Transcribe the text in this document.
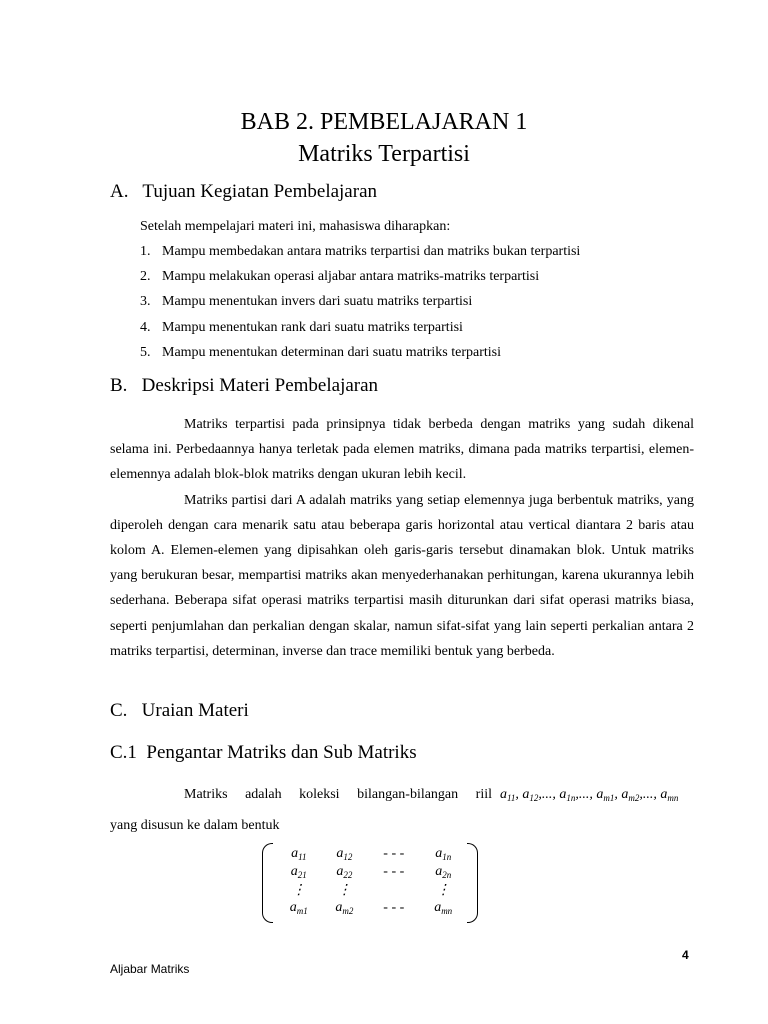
BAB 2. PEMBELAJARAN 1
Matriks Terpartisi
A.   Tujuan Kegiatan Pembelajaran
Setelah mempelajari materi ini, mahasiswa diharapkan:
1. Mampu membedakan antara matriks terpartisi dan matriks bukan terpartisi
2. Mampu melakukan operasi aljabar antara matriks-matriks terpartisi
3. Mampu menentukan invers dari suatu matriks terpartisi
4. Mampu menentukan rank dari suatu matriks terpartisi
5. Mampu menentukan determinan dari suatu matriks terpartisi
B.   Deskripsi Materi Pembelajaran

Matriks terpartisi pada prinsipnya tidak berbeda dengan matriks yang sudah dikenal selama ini. Perbedaannya hanya terletak pada elemen matriks, dimana pada matriks terpartisi, elemen-elemennya adalah blok-blok matriks dengan ukuran lebih kecil.

Matriks partisi dari A adalah matriks yang setiap elemennya juga berbentuk matriks, yang diperoleh dengan cara menarik satu atau beberapa garis horizontal atau vertical diantara 2 baris atau kolom A. Elemen-elemen yang dipisahkan oleh garis-garis tersebut dinamakan blok. Untuk matriks yang berukuran besar, mempartisi matriks akan menyederhanakan perhitungan, karena ukurannya lebih sederhana. Beberapa sifat operasi matriks terpartisi masih diturunkan dari sifat operasi matriks biasa, seperti penjumlahan dan perkalian dengan skalar, namun sifat-sifat yang lain seperti perkalian antara 2 matriks terpartisi, determinan, inverse dan trace memiliki bentuk yang berbeda.

C.   Uraian Materi
C.1  Pengantar Matriks dan Sub Matriks
Matriks adalah koleksi bilangan-bilangan riil $a_{11}$, $a_{12}$,..., $a_{1n}$,..., $a_{m1}$, $a_{m2}$,..., $a_{mn}$
yang disusun ke dalam bentuk
$a_{11}$	$a_{12}$	- - -	$a_{1n}$
$a_{21}$	$a_{22}$	- - -	$a_{2n}$
⋮	⋮		⋮
$a_{m1}$	$a_{m2}$	- - -	$a_{mn}$
4
Aljabar Matriks
